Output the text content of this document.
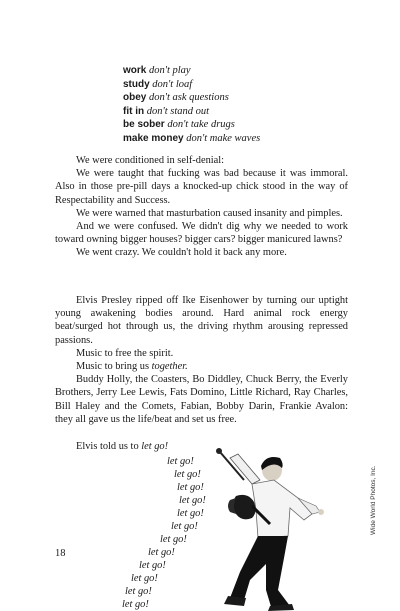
work don't play
study don't loaf
obey don't ask questions
fit in don't stand out
be sober don't take drugs
make money don't make waves

We were conditioned in self-denial:

We were taught that fucking was bad because it was immoral. Also in those pre-pill days a knocked-up chick stood in the way of Respectability and Success.

We were warned that masturbation caused insanity and pimples.

And we were confused. We didn't dig why we needed to work toward owning bigger houses? bigger cars? bigger manicured lawns?

We went crazy. We couldn't hold it back any more.

Elvis Presley ripped off Ike Eisenhower by turning our uptight young awakening bodies around. Hard animal rock energy beat/surged hot through us, the driving rhythm arousing repressed passions.

Music to free the spirit.

Music to bring us together.

Buddy Holly, the Coasters, Bo Diddley, Chuck Berry, the Everly Brothers, Jerry Lee Lewis, Fats Domino, Little Richard, Ray Charles, Bill Haley and the Comets, Fabian, Bobby Darin, Frankie Avalon: they all gave us the life/beat and set us free.

Elvis told us to let go!

let go!
let go!
let go!
let go!
let go!
let go!
let go!
let go!
let go!
let go!
let go!
let go!
18
Wide World Photos, Inc.
